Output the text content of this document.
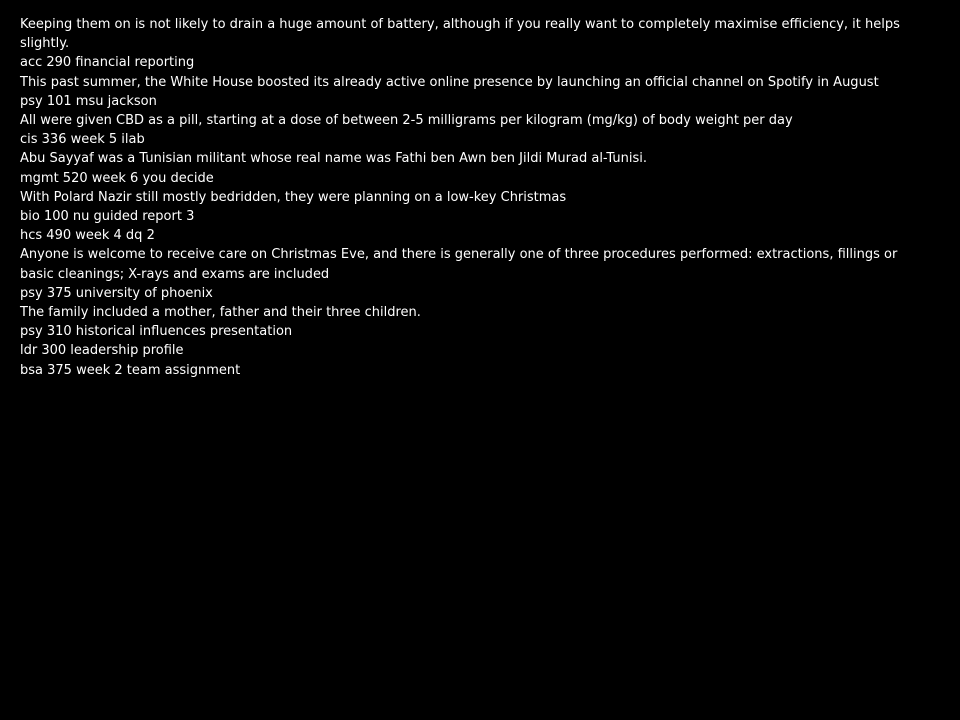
Keeping them on is not likely to drain a huge amount of battery, although if you really want to completely maximise efficiency, it helps slightly.
acc 290 financial reporting
This past summer, the White House boosted its already active online presence by launching an official channel on Spotify in August
psy 101 msu jackson
All were given CBD as a pill, starting at a dose of between 2-5 milligrams per kilogram (mg/kg) of body weight per day
cis 336 week 5 ilab
Abu Sayyaf was a Tunisian militant whose real name was Fathi ben Awn ben Jildi Murad al-Tunisi.
mgmt 520 week 6 you decide
With Polard Nazir still mostly bedridden, they were planning on a low-key Christmas
bio 100 nu guided report 3
hcs 490 week 4 dq 2
Anyone is welcome to receive care on Christmas Eve, and there is generally one of three procedures performed: extractions, fillings or basic cleanings; X-rays and exams are included
psy 375 university of phoenix
The family included a mother, father and their three children.
psy 310 historical influences presentation
ldr 300 leadership profile
bsa 375 week 2 team assignment
